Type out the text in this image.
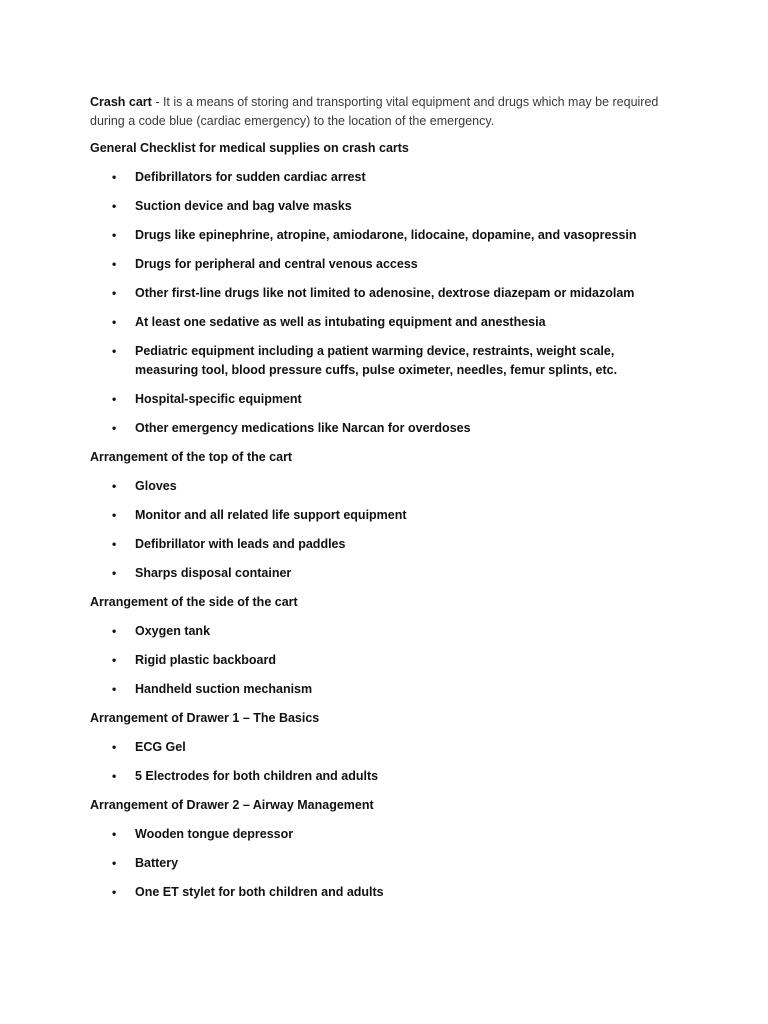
Crash cart - It is a means of storing and transporting vital equipment and drugs which may be required during a code blue (cardiac emergency) to the location of the emergency.

General Checklist for medical supplies on crash carts

• Defibrillators for sudden cardiac arrest
• Suction device and bag valve masks
• Drugs like epinephrine, atropine, amiodarone, lidocaine, dopamine, and vasopressin
• Drugs for peripheral and central venous access
• Other first-line drugs like not limited to adenosine, dextrose diazepam or midazolam
• At least one sedative as well as intubating equipment and anesthesia
• Pediatric equipment including a patient warming device, restraints, weight scale, measuring tool, blood pressure cuffs, pulse oximeter, needles, femur splints, etc.
• Hospital-specific equipment
• Other emergency medications like Narcan for overdoses

Arrangement of the top of the cart

• Gloves
• Monitor and all related life support equipment
• Defibrillator with leads and paddles
• Sharps disposal container

Arrangement of the side of the cart

• Oxygen tank
• Rigid plastic backboard
• Handheld suction mechanism

Arrangement of Drawer 1 – The Basics

• ECG Gel
• 5 Electrodes for both children and adults

Arrangement of Drawer 2 – Airway Management

• Wooden tongue depressor
• Battery
• One ET stylet for both children and adults
